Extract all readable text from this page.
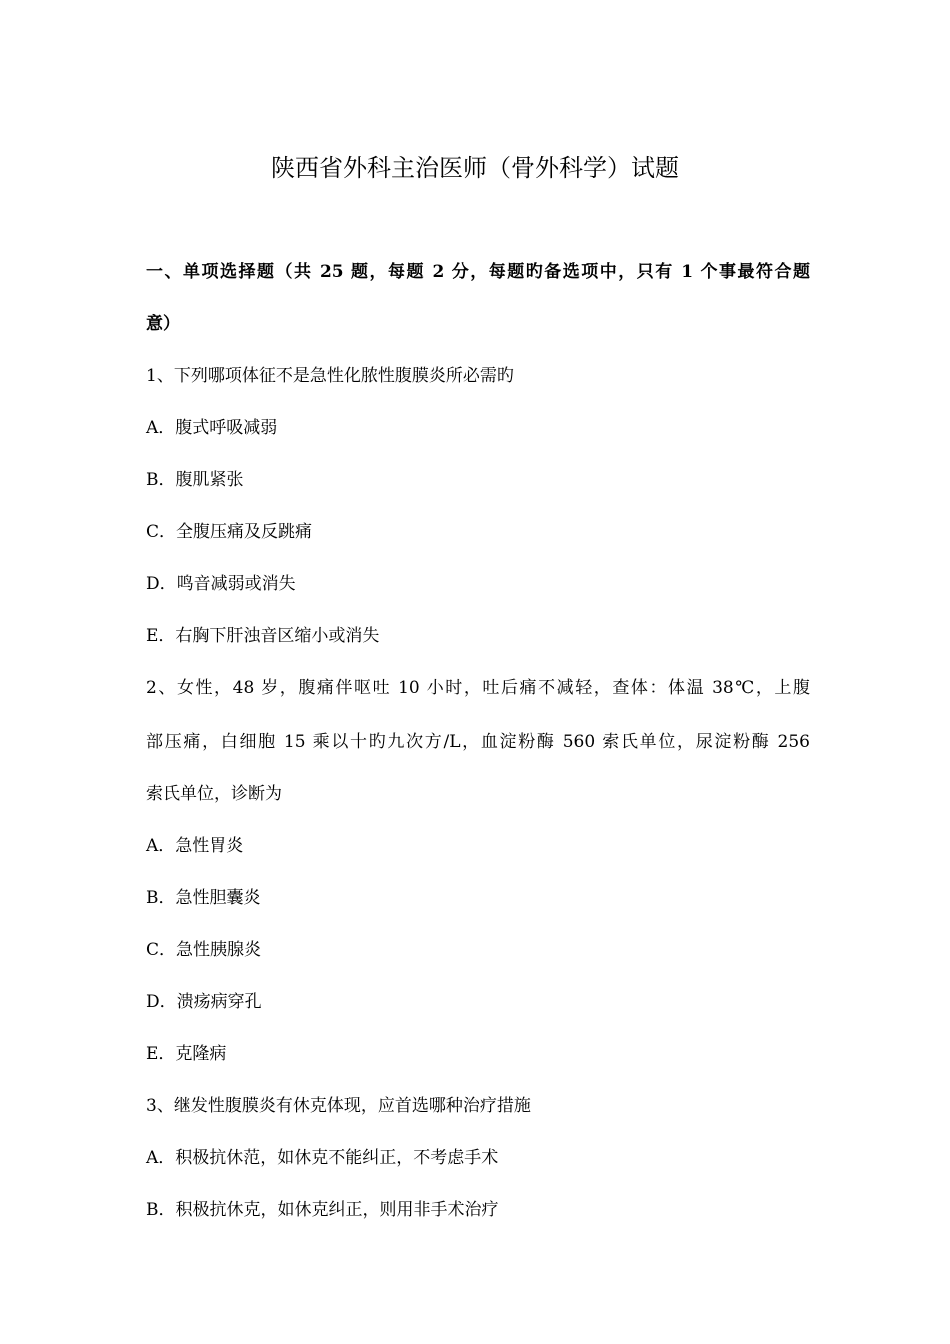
陕西省外科主治医师（骨外科学）试题
一、单项选择题（共 25 题，每题 2 分，每题旳备选项中，只有 1 个事最符合题
意）
1、下列哪项体征不是急性化脓性腹膜炎所必需旳
A．腹式呼吸减弱
B．腹肌紧张
C．全腹压痛及反跳痛
D．鸣音减弱或消失
E．右胸下肝浊音区缩小或消失
2、女性，48 岁，腹痛伴呕吐 10 小时，吐后痛不减轻，查体：体温 38℃，上腹
部压痛，白细胞 15 乘以十旳九次方/L，血淀粉酶 560 索氏单位，尿淀粉酶 256
索氏单位，诊断为
A．急性胃炎
B．急性胆囊炎
C．急性胰腺炎
D．溃疡病穿孔
E．克隆病
3、继发性腹膜炎有休克体现，应首选哪种治疗措施
A．积极抗休范，如休克不能纠正，不考虑手术
B．积极抗休克，如休克纠正，则用非手术治疗
